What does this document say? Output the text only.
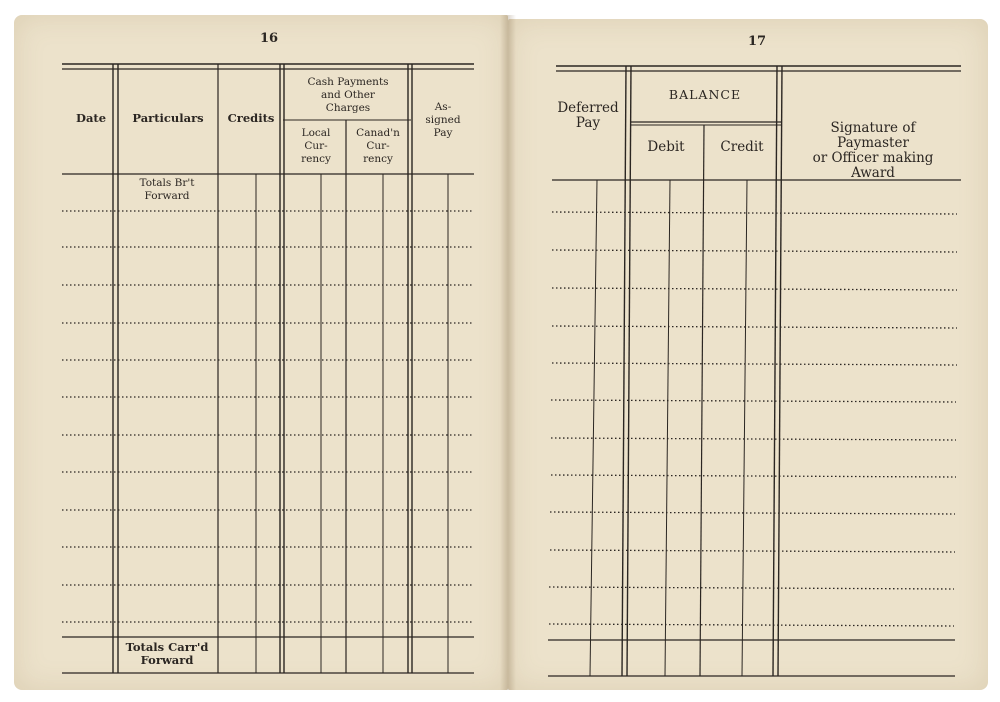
16
Date Particulars Credits
Cash Payments
and Other
Charges
Local
Cur-
rency
Canad'n
Cur-
rency
As-
signed
Pay
Totals Br't
Forward
Totals Carr'd
Forward
17
Deferred
Pay
BALANCE
Debit	Credit
Signature of Paymaster
or Officer making
Award
